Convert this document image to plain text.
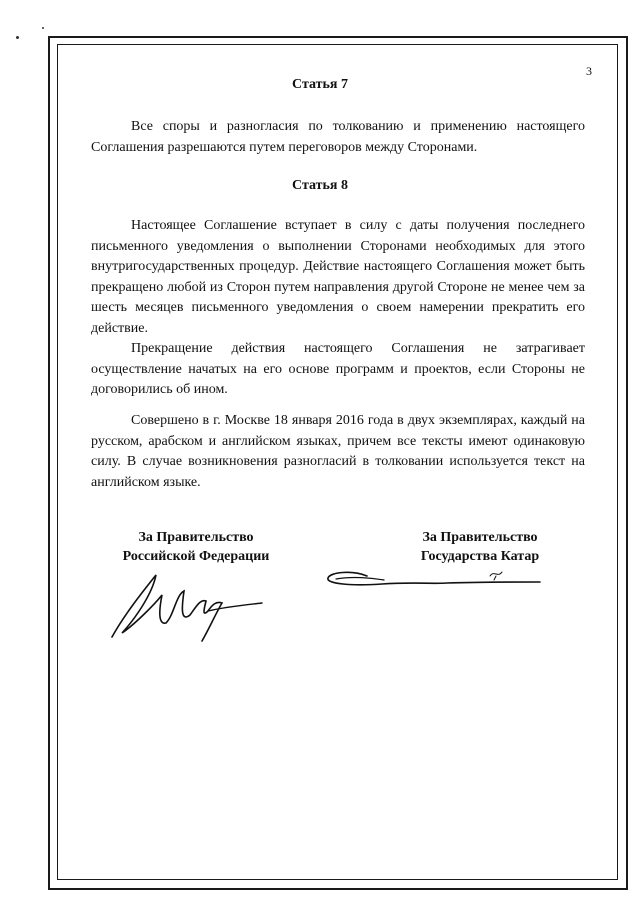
3
Статья 7

Все споры и разногласия по толкованию и применению настоящего Соглашения разрешаются путем переговоров между Сторонами.

Статья 8

Настоящее Соглашение вступает в силу с даты получения последнего письменного уведомления о выполнении Сторонами необходимых для этого внутригосударственных процедур. Действие настоящего Соглашения может быть прекращено любой из Сторон путем направления другой Стороне не менее чем за шесть месяцев письменного уведомления о своем намерении прекратить его действие.

Прекращение действия настоящего Соглашения не затрагивает осуществление начатых на его основе программ и проектов, если Стороны не договорились об ином.

Совершено в г. Москве 18 января 2016 года в двух экземплярах, каждый на русском, арабском и английском языках, причем все тексты имеют одинаковую силу. В случае возникновения разногласий в толковании используется текст на английском языке.

За Правительство
Российской Федерации
За Правительство
Государства Катар
